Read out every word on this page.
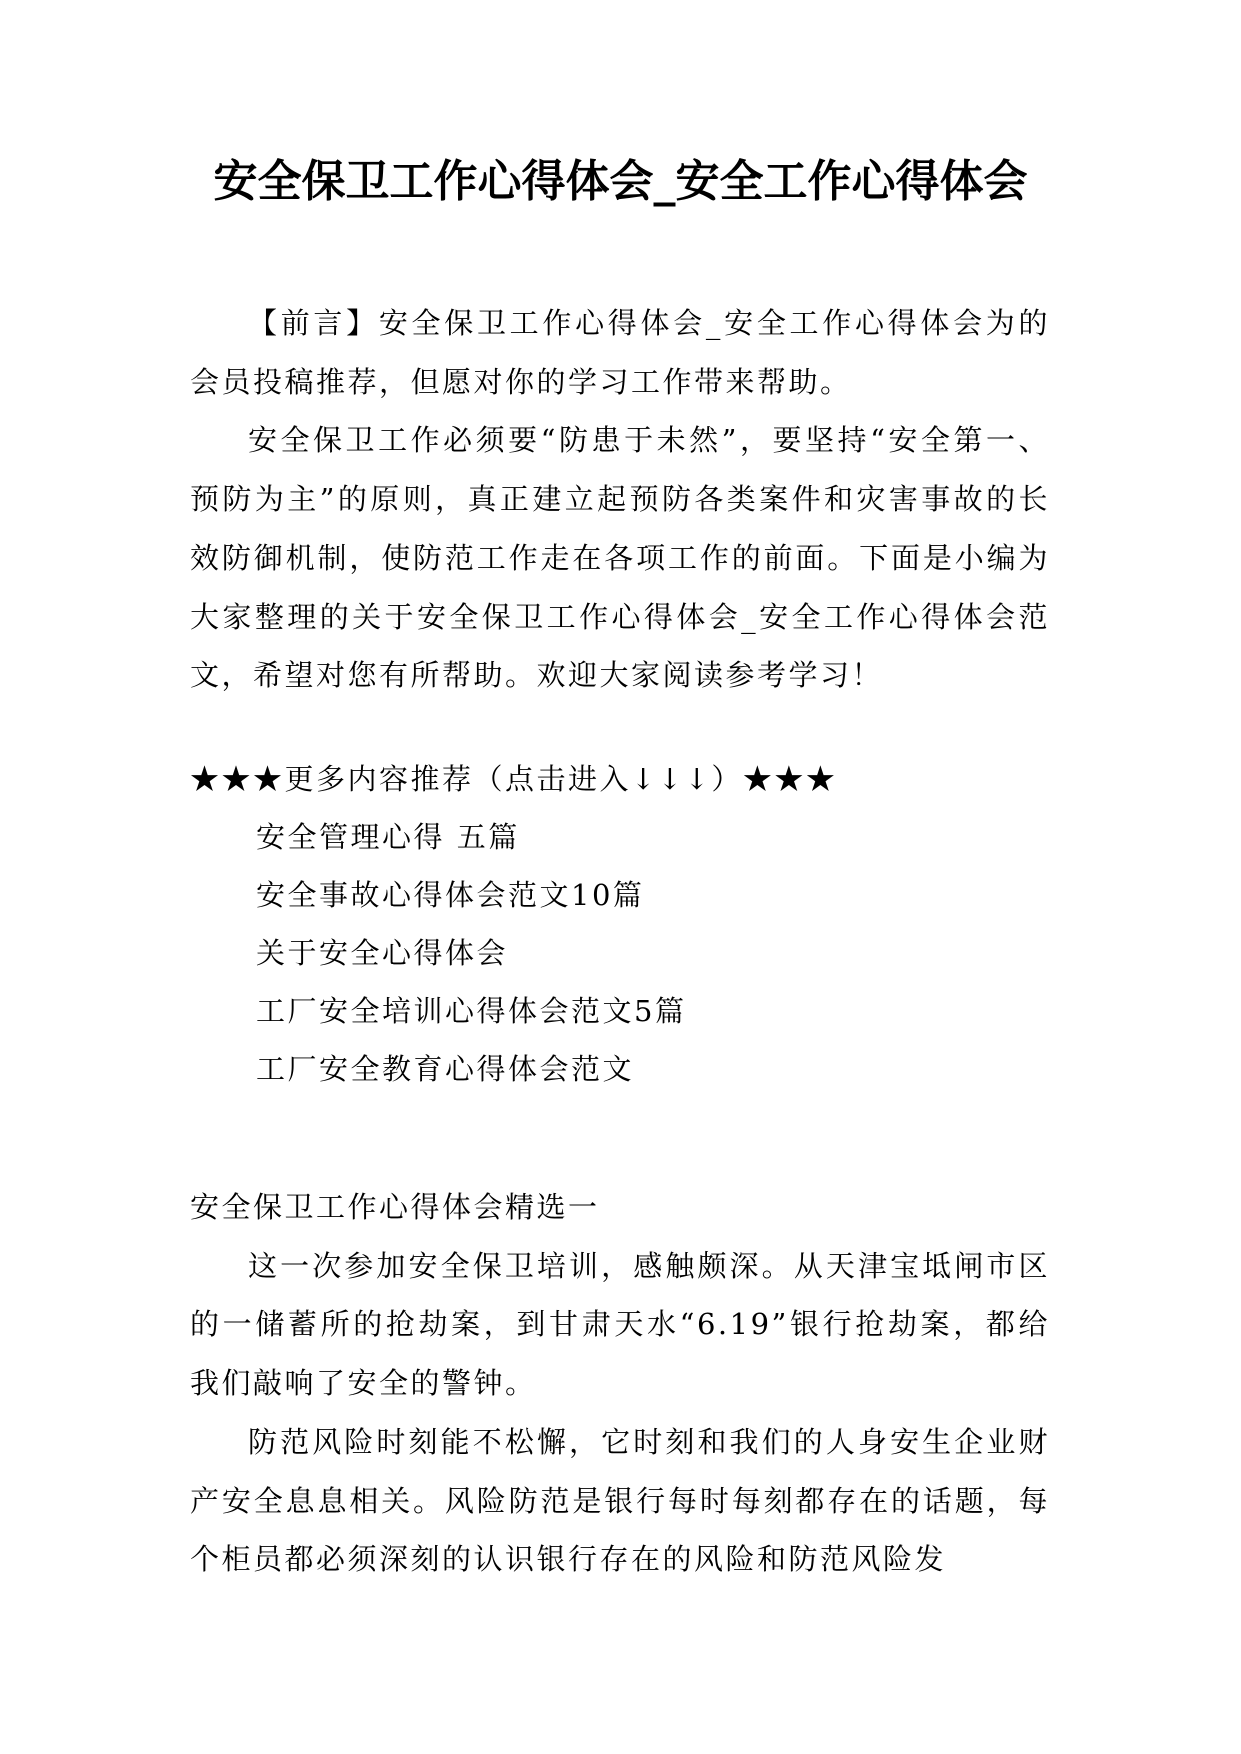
安全保卫工作心得体会_安全工作心得体会

【前言】安全保卫工作心得体会_安全工作心得体会为的会员投稿推荐，但愿对你的学习工作带来帮助。

安全保卫工作必须要“防患于未然”，要坚持“安全第一、预防为主”的原则，真正建立起预防各类案件和灾害事故的长效防御机制，使防范工作走在各项工作的前面。下面是小编为大家整理的关于安全保卫工作心得体会_安全工作心得体会范文，希望对您有所帮助。欢迎大家阅读参考学习！

★★★更多内容推荐（点击进入↓↓↓）★★★

安全管理心得 五篇
安全事故心得体会范文10篇
关于安全心得体会
工厂安全培训心得体会范文5篇
工厂安全教育心得体会范文

安全保卫工作心得体会精选一

这一次参加安全保卫培训，感触颇深。从天津宝坻闸市区的一储蓄所的抢劫案，到甘肃天水“6.19”银行抢劫案，都给我们敲响了安全的警钟。

防范风险时刻能不松懈，它时刻和我们的人身安生企业财产安全息息相关。风险防范是银行每时每刻都存在的话题，每个柜员都必须深刻的认识银行存在的风险和防范风险发
